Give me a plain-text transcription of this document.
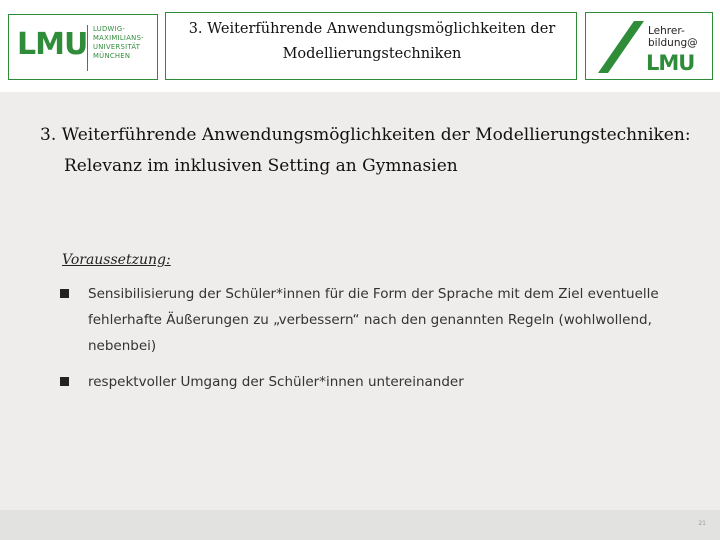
LMU LUDWIG-
MAXIMILIANS-
UNIVERSITÄT
MÜNCHEN
3. Weiterführende Anwendungsmöglichkeiten der Modellierungstechniken
Lehrer-
bildung@
LMU
3. Weiterführende Anwendungsmöglichkeiten der Modellierungstechniken:
Relevanz im inklusiven Setting an Gymnasien
Voraussetzung:
Sensibilisierung der Schüler*innen für die Form der Sprache mit dem Ziel eventuelle fehlerhafte Äußerungen zu „verbessern“ nach den genannten Regeln (wohlwollend, nebenbei)
respektvoller Umgang der Schüler*innen untereinander
21
